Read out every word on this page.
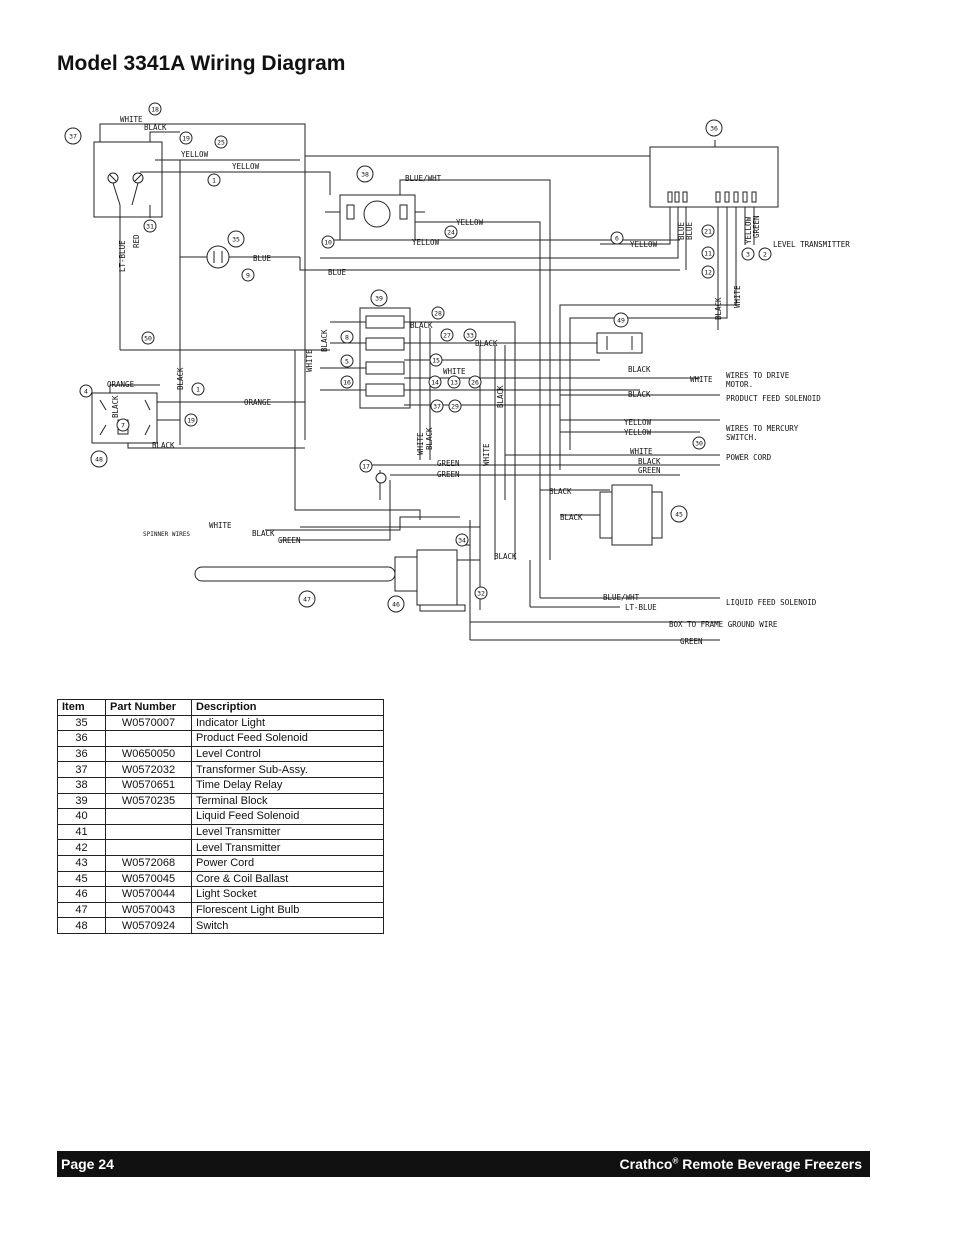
Model 3341A Wiring Diagram
18
37	19	25
1
31
35
9
38
24
10	6
36
21
11
12
3 2
49
39
28
27 33
8
5	15
14 13 26
16
37 29
17
34
32
46
47
45
4
7
48
50
30
1
19
WHITE
BLACK
YELLOW
YELLOW
BLUE
BLUE
BLUE/WHT
YELLOW
YELLOW	YELLOW
BLACK
BLACK
WHITE	BLACK
WHITE
BLACK
YELLOW
YELLOW
WHITE
BLACK
GREEN
GREEN
GREEN
BLACK
BLACK
BLACK
BLUE/WHT
LT-BLUE
GREEN
ORANGE
ORANGE
BLACK
WHITE
BLACK
GREEN
LT-BLUE RED
WHITE
BLACK
BLACK
WHITE BLACK
WHITE
BLACK
BLACK
BLUE BLUE	YELLOW GREEN
BLACK
WHITE
LEVEL TRANSMITTER
WIRES TO DRIVE
MOTOR.
PRODUCT FEED SOLENOID
WIRES TO MERCURY
SWITCH.
POWER CORD
LIQUID FEED SOLENOID
BOX TO FRAME GROUND WIRE
SPINNER WIRES
Item	Part Number	Description
35	W0570007	Indicator Light
36		Product Feed Solenoid
36	W0650050	Level Control
37	W0572032	Transformer Sub-Assy.
38	W0570651	Time Delay Relay
39	W0570235	Terminal Block
40		Liquid Feed Solenoid
41		Level Transmitter
42		Level Transmitter
43	W0572068	Power Cord
45	W0570045	Core & Coil Ballast
46	W0570044	Light Socket
47	W0570043	Florescent Light Bulb
48	W0570924	Switch
Page 24	Crathco® Remote Beverage Freezers
